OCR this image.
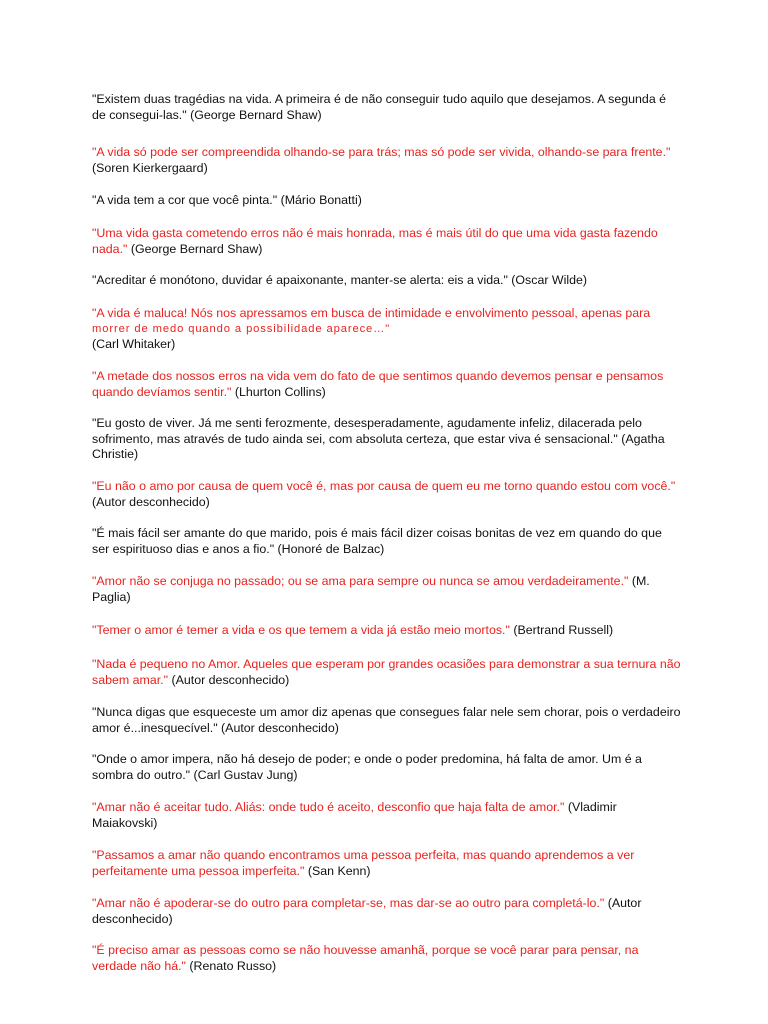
"Existem duas tragédias na vida. A primeira é de não conseguir tudo aquilo que desejamos. A segunda é de consegui-las." (George Bernard Shaw)

"A vida só pode ser compreendida olhando-se para trás; mas só pode ser vivida, olhando-se para frente." (Soren Kierkergaard)

"A vida tem a cor que você pinta." (Mário Bonatti)

"Uma vida gasta cometendo erros não é mais honrada, mas é mais útil do que uma vida gasta fazendo nada." (George Bernard Shaw)

"Acreditar é monótono, duvidar é apaixonante, manter-se alerta: eis a vida." (Oscar Wilde)

"A vida é maluca! Nós nos apressamos em busca de intimidade e envolvimento pessoal, apenas para
morrer de medo quando a possibilidade aparece…"
(Carl Whitaker)

"A metade dos nossos erros na vida vem do fato de que sentimos quando devemos pensar e pensamos quando devíamos sentir." (Lhurton Collins)

"Eu gosto de viver. Já me senti ferozmente, desesperadamente, agudamente infeliz, dilacerada pelo sofrimento, mas através de tudo ainda sei, com absoluta certeza, que estar viva é sensacional." (Agatha Christie)

"Eu não o amo por causa de quem você é, mas por causa de quem eu me torno quando estou com você." (Autor desconhecido)

"É mais fácil ser amante do que marido, pois é mais fácil dizer coisas bonitas de vez em quando do que ser espirituoso dias e anos a fio." (Honoré de Balzac)

"Amor não se conjuga no passado; ou se ama para sempre ou nunca se amou verdadeiramente." (M. Paglia)

"Temer o amor é temer a vida e os que temem a vida já estão meio mortos." (Bertrand Russell)

"Nada é pequeno no Amor. Aqueles que esperam por grandes ocasiões para demonstrar a sua ternura não sabem amar." (Autor desconhecido)

"Nunca digas que esqueceste um amor diz apenas que consegues falar nele sem chorar, pois o verdadeiro amor é...inesquecível." (Autor desconhecido)

"Onde o amor impera, não há desejo de poder; e onde o poder predomina, há falta de amor. Um é a sombra do outro." (Carl Gustav Jung)

"Amar não é aceitar tudo. Aliás: onde tudo é aceito, desconfio que haja falta de amor." (Vladimir Maiakovski)

"Passamos a amar não quando encontramos uma pessoa perfeita, mas quando aprendemos a ver perfeitamente uma pessoa imperfeita." (San Kenn)

"Amar não é apoderar-se do outro para completar-se, mas dar-se ao outro para completá-lo." (Autor desconhecido)

"É preciso amar as pessoas como se não houvesse amanhã, porque se você parar para pensar, na verdade não há." (Renato Russo)
